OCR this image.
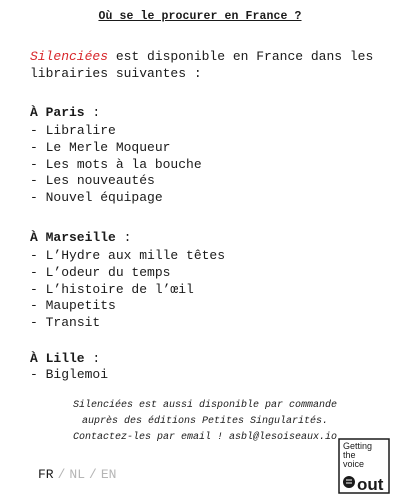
Où se le procurer en France ?
Silenciées est disponible en France dans les
librairies suivantes :
À Paris :
- Libralire
- Le Merle Moqueur
- Les mots à la bouche
- Les nouveautés
- Nouvel équipage
À Marseille :
- L’Hydre aux mille têtes
- L’odeur du temps
- L’histoire de l’œil
- Maupetits
- Transit
À Lille :
- Biglemoi
Silenciées est aussi disponible par commande
auprès des éditions Petites Singularités.
Contactez-les par email ! asbl@lesoiseaux.io
FR / NL / EN
Getting
the
voice
out
